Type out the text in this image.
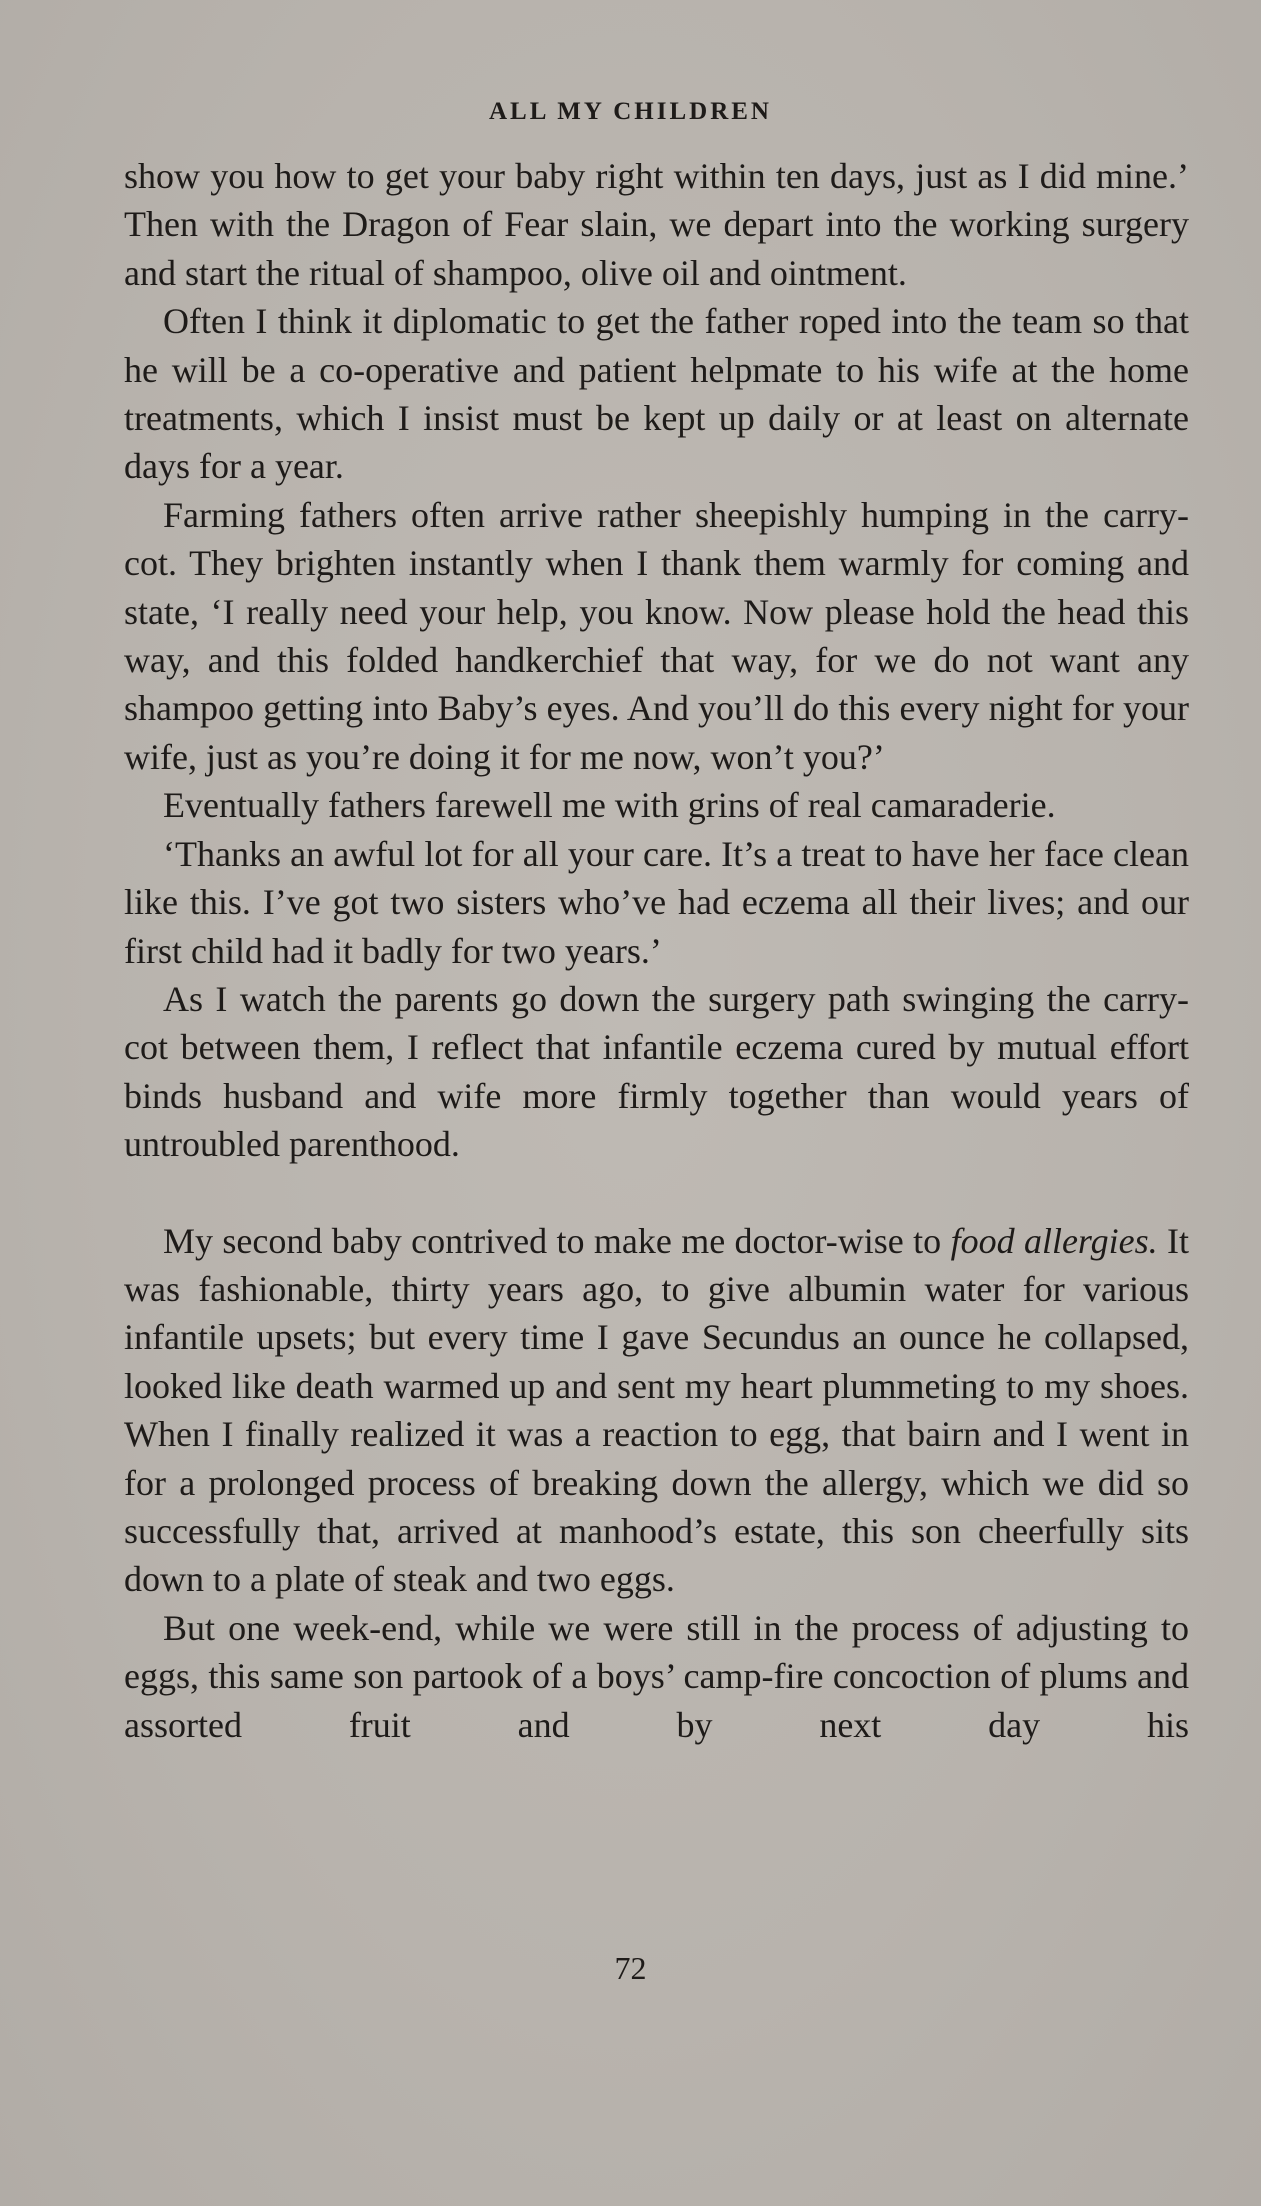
ALL MY CHILDREN

show you how to get your baby right within ten days, just as I did mine.’ Then with the Dragon of Fear slain, we depart into the working surgery and start the ritual of shampoo, olive oil and ointment.

Often I think it diplomatic to get the father roped into the team so that he will be a co-operative and patient helpmate to his wife at the home treatments, which I insist must be kept up daily or at least on alternate days for a year.

Farming fathers often arrive rather sheepishly humping in the carry-cot. They brighten instantly when I thank them warmly for coming and state, ‘I really need your help, you know. Now please hold the head this way, and this folded handkerchief that way, for we do not want any shampoo getting into Baby’s eyes. And you’ll do this every night for your wife, just as you’re doing it for me now, won’t you?’

Eventually fathers farewell me with grins of real camaraderie.

‘Thanks an awful lot for all your care. It’s a treat to have her face clean like this. I’ve got two sisters who’ve had eczema all their lives; and our first child had it badly for two years.’

As I watch the parents go down the surgery path swinging the carry-cot between them, I reflect that infantile eczema cured by mutual effort binds husband and wife more firmly together than would years of untroubled parenthood.

My second baby contrived to make me doctor-wise to food allergies. It was fashionable, thirty years ago, to give albumin water for various infantile upsets; but every time I gave Secundus an ounce he collapsed, looked like death warmed up and sent my heart plummeting to my shoes. When I finally realized it was a reaction to egg, that bairn and I went in for a prolonged process of breaking down the allergy, which we did so successfully that, arrived at manhood’s estate, this son cheerfully sits down to a plate of steak and two eggs.

But one week-end, while we were still in the process of adjusting to eggs, this same son partook of a boys’ camp-fire concoction of plums and assorted fruit and by next day his

72
